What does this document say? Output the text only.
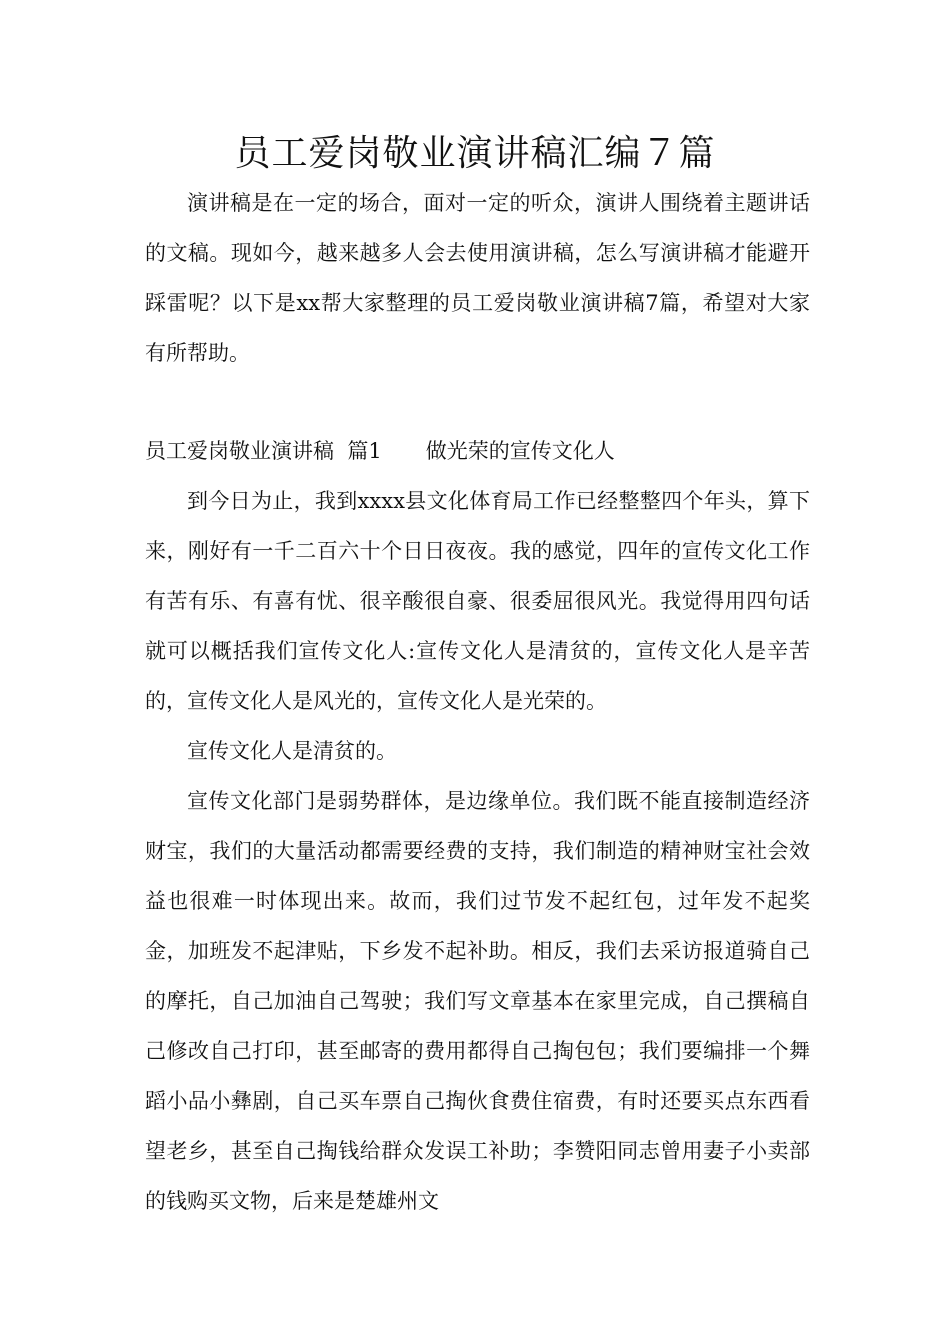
员工爱岗敬业演讲稿汇编７篇

演讲稿是在一定的场合，面对一定的听众，演讲人围绕着主题讲话的文稿。现如今，越来越多人会去使用演讲稿，怎么写演讲稿才能避开踩雷呢？以下是xx帮大家整理的员工爱岗敬业演讲稿7篇，希望对大家有所帮助。

员工爱岗敬业演讲稿  篇1 做光荣的宣传文化人

到今日为止，我到xxxx县文化体育局工作已经整整四个年头，算下来，刚好有一千二百六十个日日夜夜。我的感觉，四年的宣传文化工作有苦有乐、有喜有忧、很辛酸很自豪、很委屈很风光。我觉得用四句话就可以概括我们宣传文化人:宣传文化人是清贫的，宣传文化人是辛苦的，宣传文化人是风光的，宣传文化人是光荣的。

宣传文化人是清贫的。

宣传文化部门是弱势群体，是边缘单位。我们既不能直接制造经济财宝，我们的大量活动都需要经费的支持，我们制造的精神财宝社会效益也很难一时体现出来。故而，我们过节发不起红包，过年发不起奖金，加班发不起津贴，下乡发不起补助。相反，我们去采访报道骑自己的摩托，自己加油自己驾驶；我们写文章基本在家里完成，自己撰稿自己修改自己打印，甚至邮寄的费用都得自己掏包包；我们要编排一个舞蹈小品小彝剧，自己买车票自己掏伙食费住宿费，有时还要买点东西看望老乡，甚至自己掏钱给群众发误工补助；李赞阳同志曾用妻子小卖部的钱购买文物，后来是楚雄州文
